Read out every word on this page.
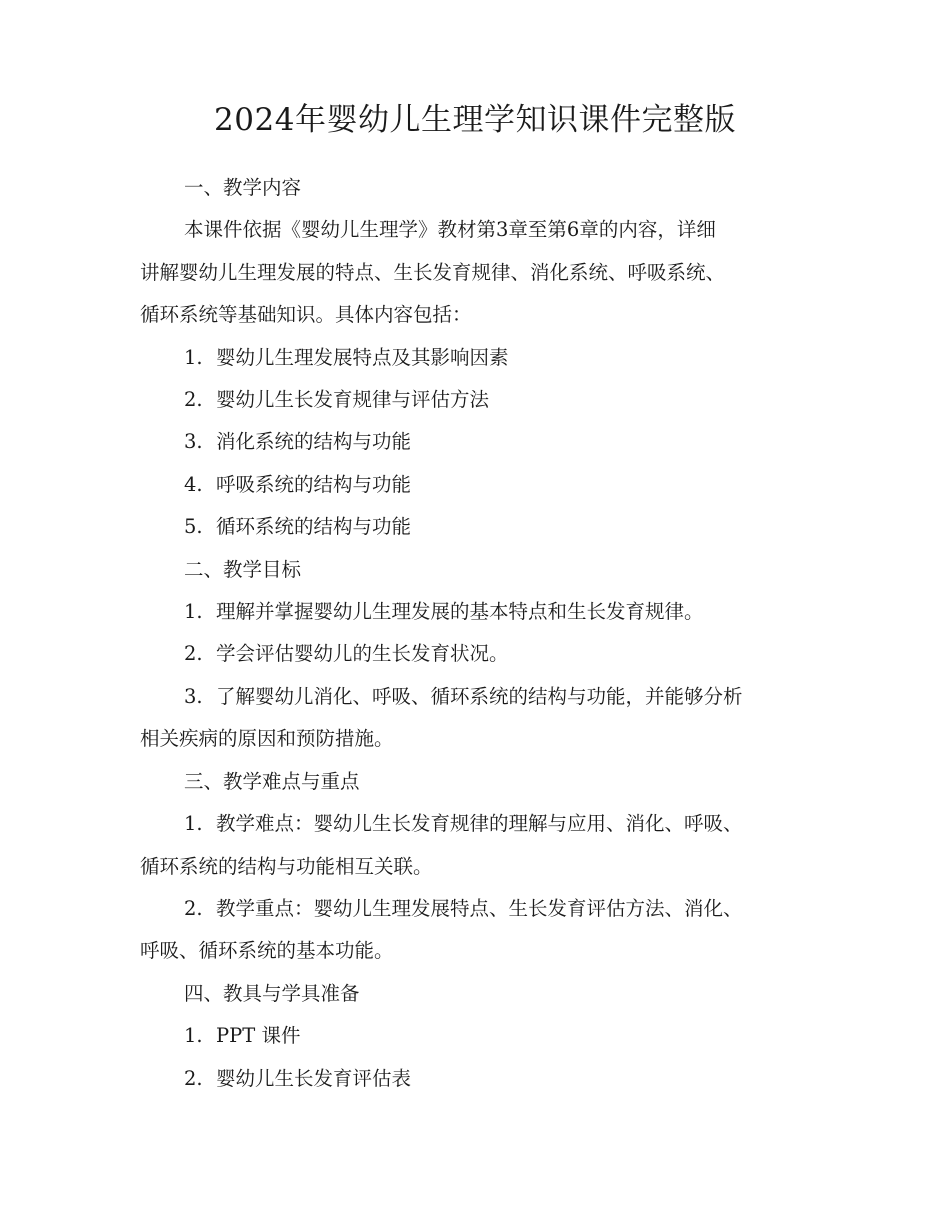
2024年婴幼儿生理学知识课件完整版

一、教学内容

本课件依据《婴幼儿生理学》教材第3章至第6章的内容，详细

讲解婴幼儿生理发展的特点、生长发育规律、消化系统、呼吸系统、

循环系统等基础知识。具体内容包括：

1. 婴幼儿生理发展特点及其影响因素

2. 婴幼儿生长发育规律与评估方法

3. 消化系统的结构与功能

4. 呼吸系统的结构与功能

5. 循环系统的结构与功能

二、教学目标

1. 理解并掌握婴幼儿生理发展的基本特点和生长发育规律。

2. 学会评估婴幼儿的生长发育状况。

3. 了解婴幼儿消化、呼吸、循环系统的结构与功能，并能够分析

相关疾病的原因和预防措施。

三、教学难点与重点

1. 教学难点：婴幼儿生长发育规律的理解与应用、消化、呼吸、

循环系统的结构与功能相互关联。

2. 教学重点：婴幼儿生理发展特点、生长发育评估方法、消化、

呼吸、循环系统的基本功能。

四、教具与学具准备

1. PPT 课件

2. 婴幼儿生长发育评估表
